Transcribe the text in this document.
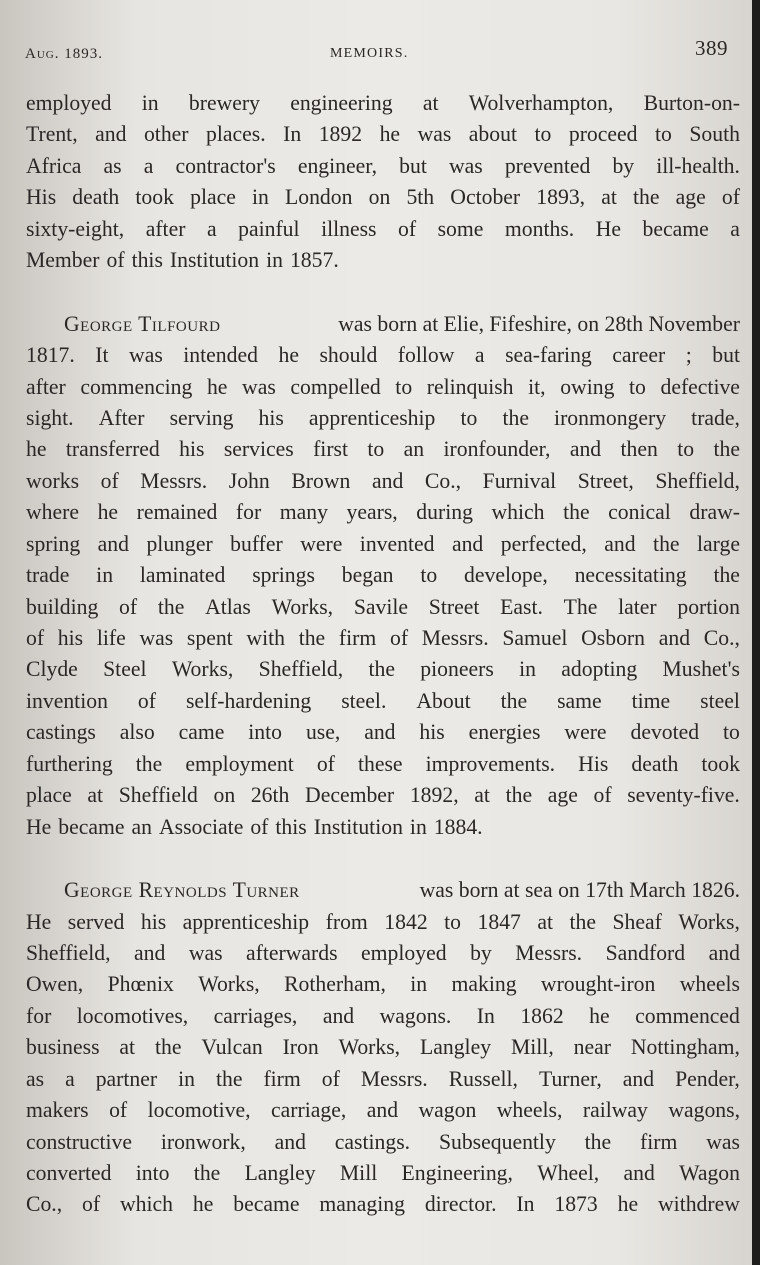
Aug. 1893.	MEMOIRS.	389
employed in brewery engineering at Wolverhampton, Burton-on-
Trent, and other places. In 1892 he was about to proceed to South
Africa as a contractor's engineer, but was prevented by ill-health.
His death took place in London on 5th October 1893, at the age of
sixty-eight, after a painful illness of some months. He became a
Member of this Institution in 1857.
George Tilfourd	was born at Elie, Fifeshire, on 28th November
1817. It was intended he should follow a sea-faring career ; but
after commencing he was compelled to relinquish it, owing to defective
sight. After serving his apprenticeship to the ironmongery trade,
he transferred his services first to an ironfounder, and then to the
works of Messrs. John Brown and Co., Furnival Street, Sheffield,
where he remained for many years, during which the conical draw-
spring and plunger buffer were invented and perfected, and the large
trade in laminated springs began to develope, necessitating the
building of the Atlas Works, Savile Street East. The later portion
of his life was spent with the firm of Messrs. Samuel Osborn and Co.,
Clyde Steel Works, Sheffield, the pioneers in adopting Mushet's
invention of self-hardening steel. About the same time steel
castings also came into use, and his energies were devoted to
furthering the employment of these improvements. His death took
place at Sheffield on 26th December 1892, at the age of seventy-five.
He became an Associate of this Institution in 1884.
George Reynolds Turner	was born at sea on 17th March 1826.
He served his apprenticeship from 1842 to 1847 at the Sheaf Works,
Sheffield, and was afterwards employed by Messrs. Sandford and
Owen, Phœnix Works, Rotherham, in making wrought-iron wheels
for locomotives, carriages, and wagons. In 1862 he commenced
business at the Vulcan Iron Works, Langley Mill, near Nottingham,
as a partner in the firm of Messrs. Russell, Turner, and Pender,
makers of locomotive, carriage, and wagon wheels, railway wagons,
constructive ironwork, and castings. Subsequently the firm was
converted into the Langley Mill Engineering, Wheel, and Wagon
Co., of which he became managing director. In 1873 he withdrew
